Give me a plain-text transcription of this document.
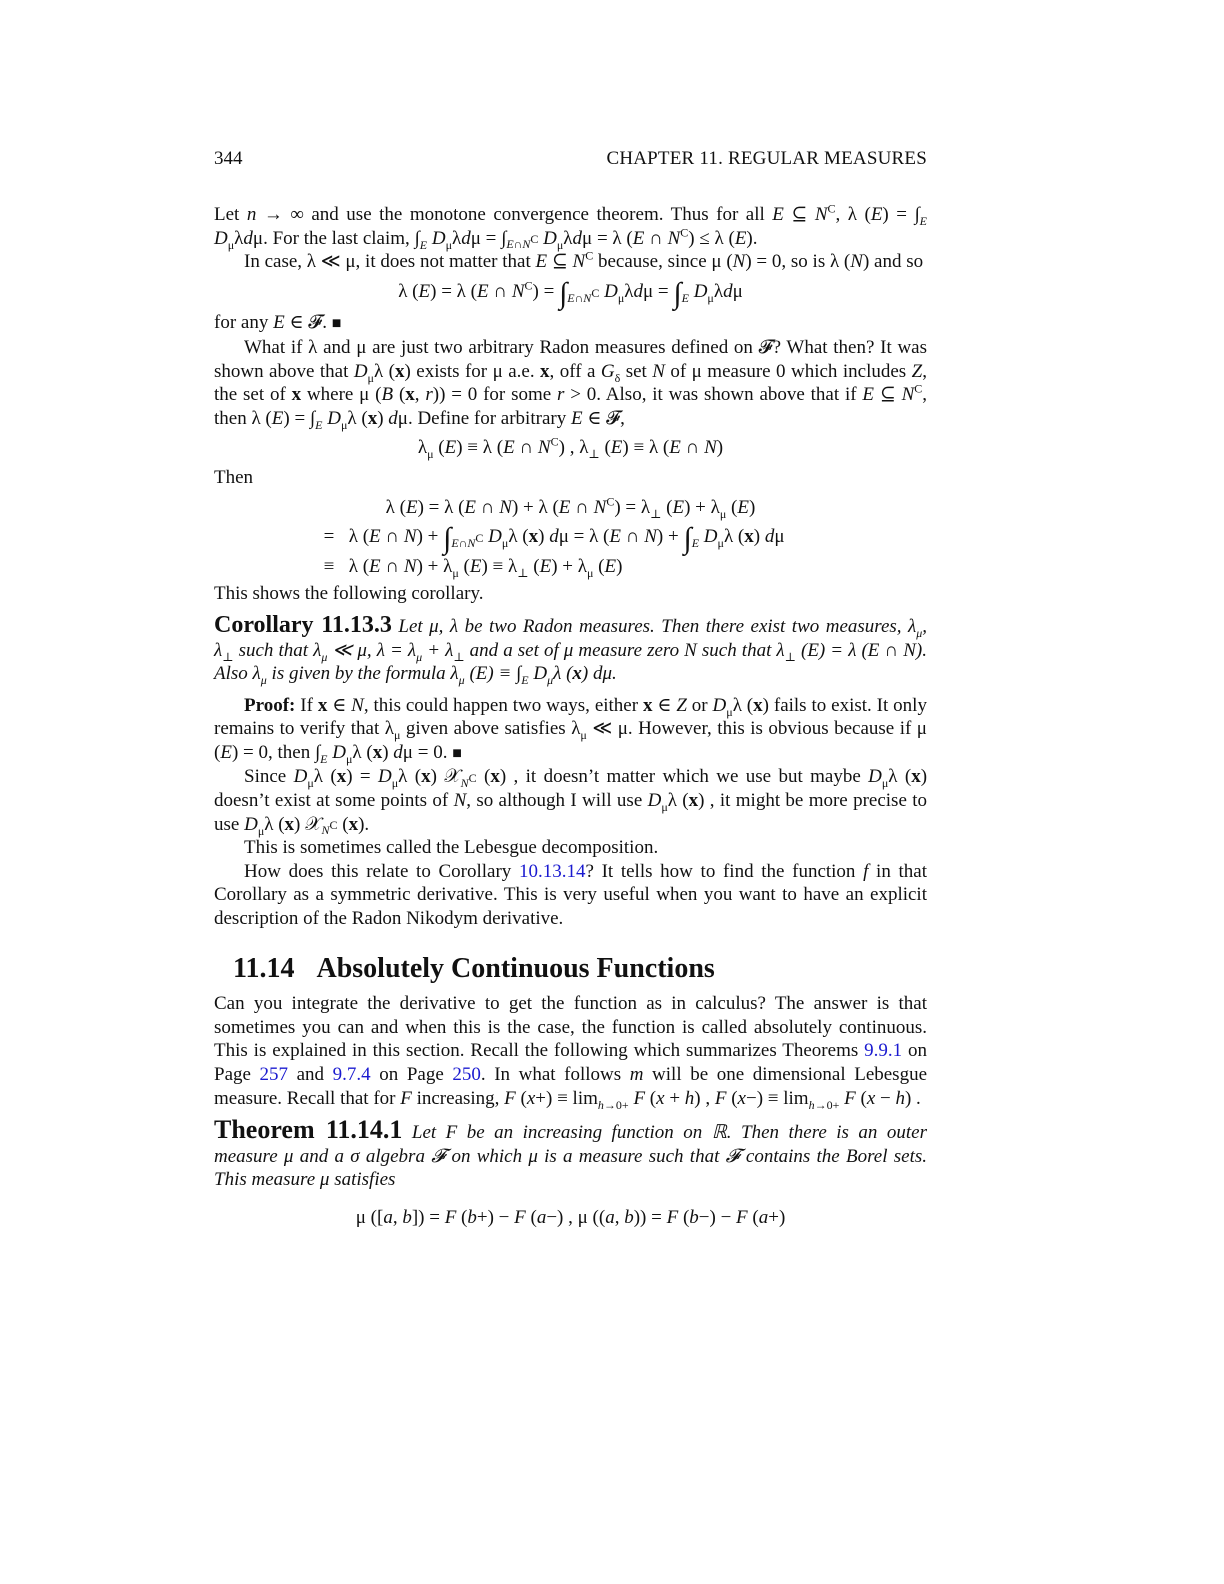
344	CHAPTER 11. REGULAR MEASURES

Let n → ∞ and use the monotone convergence theorem. Thus for all E ⊆ $N^C$, λ $(E) = \int_E$ $D_\mu\lambda d\mu$. For the last claim, $\int_E$ $D_\mu\lambda d\mu = \int_{E\cap N^C}$ $D_\mu\lambda d\mu = \lambda$ (E ∩ $N^C) \le \lambda$ (E).

In case, λ ≪ μ, it does not matter that E ⊆ $N^C$ because, since μ (N) = 0, so is λ (N) and so

λ (E) = λ (E ∩ $N^C) = \int_{E\cap N^C}$ $D_\mu\lambda d\mu = \int_E$ $D_\mu\lambda d\mu$

for any E ∈ 𝓕. ■

What if λ and μ are just two arbitrary Radon measures defined on 𝓕? What then? It was shown above that $D_\mu\lambda$ (x) exists for μ a.e. x, off a $G_\delta$ set N of μ measure 0 which includes Z, the set of x where μ (B (x, r)) = 0 for some r > 0. Also, it was shown above that if E ⊆ $N^C$, then λ $(E) = \int_E$ $D_\mu\lambda$ (x) dμ. Define for arbitrary E ∈ 𝓕,

$\lambda_\mu$ (E) ≡ λ (E ∩ $N^C$) , $\lambda_\perp$ (E) ≡ λ (E ∩ N)

Then

λ (E) = λ (E ∩ N) + λ (E ∩ $N^C) = \lambda_\perp$ $(E) + \lambda_\mu$ (E)
= λ (E ∩ $N) + \int_{E\cap N^C}$ $D_\mu\lambda$ (x) dμ = λ (E ∩ $N) + \int_E$ $D_\mu\lambda$ (x) dμ
≡ λ (E ∩ $N) + \lambda_\mu$ $(E) \equiv \lambda_\perp$ $(E) + \lambda_\mu$ (E)

This shows the following corollary.

Corollary 11.13.3 Let μ, λ be two Radon measures. Then there exist two measures, $\lambda_\mu$, $\lambda_\perp$ such that $\lambda_\mu$ ≪ μ, $\lambda = \lambda_\mu + \lambda_\perp$ and a set of μ measure zero N such that $\lambda_\perp$ (E) = λ (E ∩ N). Also $\lambda_\mu$ is given by the formula $\lambda_\mu$ $(E) \equiv \int_E$ $D_\mu\lambda$ (x) dμ.

Proof: If x ∈ N, this could happen two ways, either x ∈ Z or $D_\mu\lambda$ (x) fails to exist. It only remains to verify that $\lambda_\mu$ given above satisfies $\lambda_\mu$ ≪ μ. However, this is obvious because if μ (E) = 0, then $\int_E$ $D_\mu\lambda$ (x) dμ = 0. ■

Since $D_\mu\lambda$ $(x) = D_\mu\lambda$ (x) 𝒳$_{N^C}$ (x) , it doesn’t matter which we use but maybe $D_\mu\lambda$ (x) doesn’t exist at some points of N, so although I will use $D_\mu\lambda$ (x) , it might be more precise to use $D_\mu\lambda$ (x) 𝒳$_{N^C}$ (x).

This is sometimes called the Lebesgue decomposition.

How does this relate to Corollary 10.13.14? It tells how to find the function f in that Corollary as a symmetric derivative. This is very useful when you want to have an explicit description of the Radon Nikodym derivative.

11.14 Absolutely Continuous Functions

Can you integrate the derivative to get the function as in calculus? The answer is that sometimes you can and when this is the case, the function is called absolutely continuous. This is explained in this section. Recall the following which summarizes Theorems 9.9.1 on Page 257 and 9.7.4 on Page 250. In what follows m will be one dimensional Lebesgue measure. Recall that for F increasing, F $(x+) \equiv \lim_{h\to 0+} F$ (x + h) , F $(x-) \equiv \lim_{h\to 0+} F$ (x − h) .

Theorem 11.14.1 Let F be an increasing function on ℝ. Then there is an outer measure μ and a σ algebra 𝓕 on which μ is a measure such that 𝓕 contains the Borel sets. This measure μ satisfies

μ ([a, b]) = F (b+) − F (a−) , μ ((a, b)) = F (b−) − F (a+)
